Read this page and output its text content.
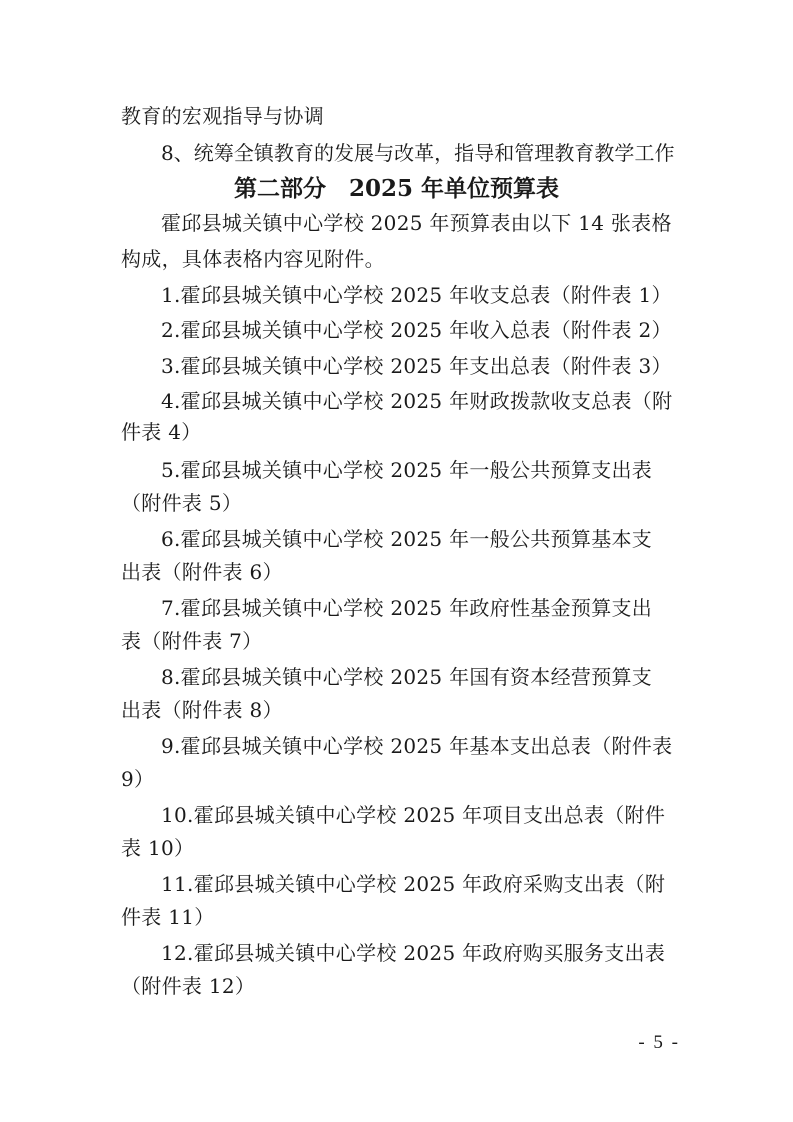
教育的宏观指导与协调
8、统筹全镇教育的发展与改革，指导和管理教育教学工作
第二部分　2025 年单位预算表
霍邱县城关镇中心学校 2025 年预算表由以下 14 张表格
构成，具体表格内容见附件。
1.霍邱县城关镇中心学校 2025 年收支总表（附件表 1）
2.霍邱县城关镇中心学校 2025 年收入总表（附件表 2）
3.霍邱县城关镇中心学校 2025 年支出总表（附件表 3）
4.霍邱县城关镇中心学校 2025 年财政拨款收支总表（附
件表 4）
5.霍邱县城关镇中心学校 2025 年一般公共预算支出表
（附件表 5）
6.霍邱县城关镇中心学校 2025 年一般公共预算基本支
出表（附件表 6）
7.霍邱县城关镇中心学校 2025 年政府性基金预算支出
表（附件表 7）
8.霍邱县城关镇中心学校 2025 年国有资本经营预算支
出表（附件表 8）
9.霍邱县城关镇中心学校 2025 年基本支出总表（附件表
9）
10.霍邱县城关镇中心学校 2025 年项目支出总表（附件
表 10）
11.霍邱县城关镇中心学校 2025 年政府采购支出表（附
件表 11）
12.霍邱县城关镇中心学校 2025 年政府购买服务支出表
（附件表 12）
- 5 -
